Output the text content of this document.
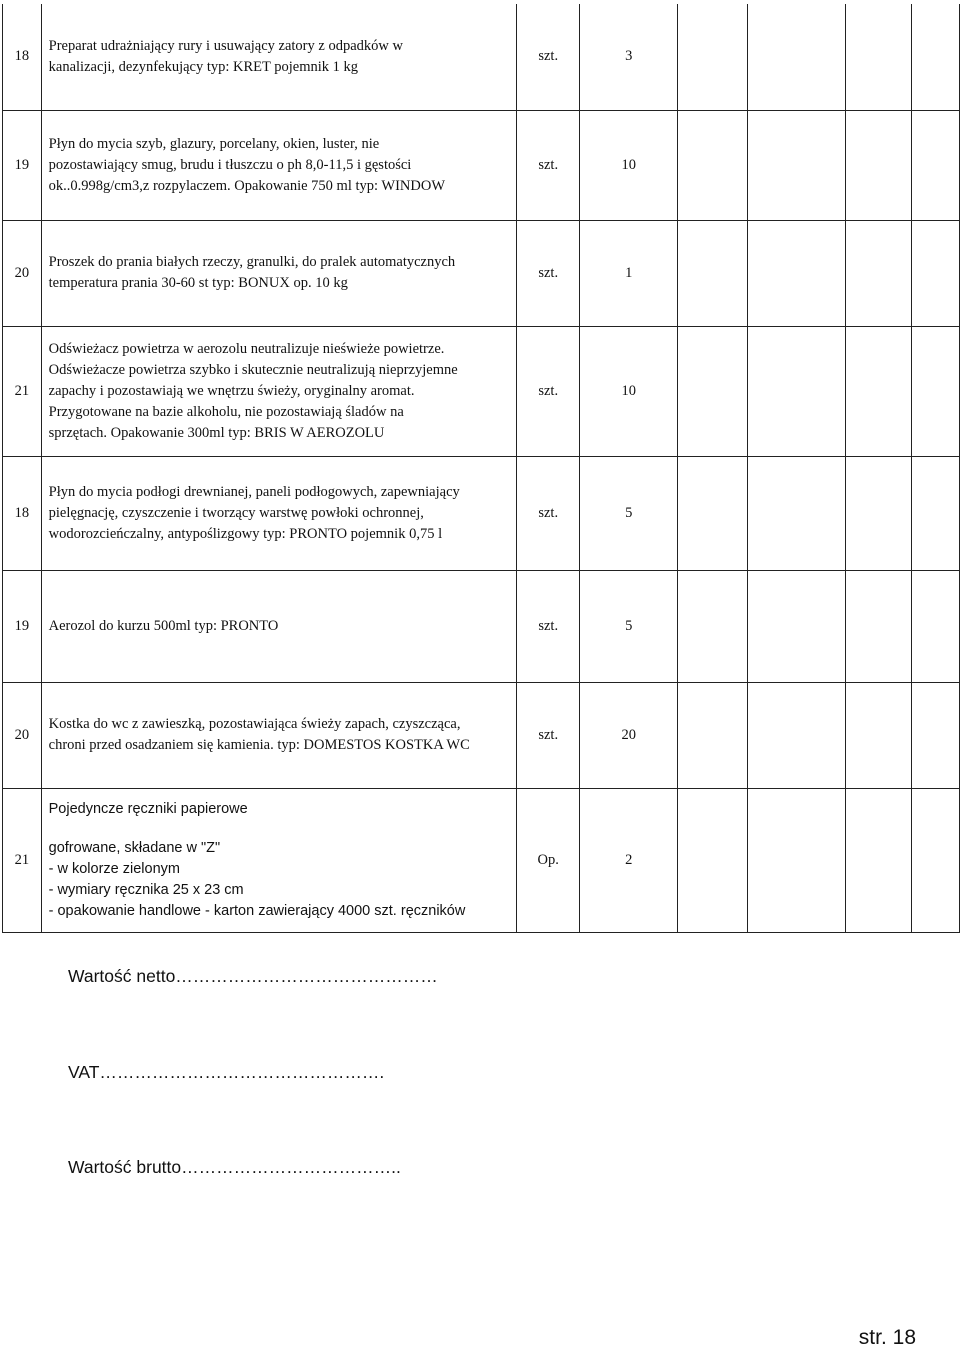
18	Preparat udrażniający rury i usuwający zatory z odpadków w
kanalizacji, dezynfekujący typ: KRET pojemnik 1 kg	szt.	3				
19	Płyn do mycia szyb, glazury, porcelany, okien, luster, nie
pozostawiający smug, brudu i tłuszczu o ph 8,0-11,5 i gęstości
ok..0.998g/cm3,z rozpylaczem. Opakowanie 750 ml typ: WINDOW	szt.	10				
20	Proszek do prania białych rzeczy, granulki, do pralek automatycznych
temperatura prania 30-60 st typ: BONUX op. 10 kg	szt.	1				
21	Odświeżacz powietrza w aerozolu neutralizuje nieświeże powietrze.
Odświeżacze powietrza szybko i skutecznie neutralizują nieprzyjemne
zapachy i pozostawiają we wnętrzu świeży, oryginalny aromat.
Przygotowane na bazie alkoholu, nie pozostawiają śladów na
sprzętach. Opakowanie 300ml typ: BRIS W AEROZOLU	szt.	10				
18	Płyn do mycia podłogi drewnianej, paneli podłogowych, zapewniający
pielęgnację, czyszczenie i tworzący warstwę powłoki ochronnej,
wodorozcieńczalny, antypoślizgowy typ: PRONTO pojemnik 0,75 l	szt.	5				
19	Aerozol do kurzu 500ml typ: PRONTO	szt.	5				
20	Kostka do wc z zawieszką, pozostawiająca świeży zapach, czyszcząca,
chroni przed osadzaniem się kamienia. typ: DOMESTOS KOSTKA WC	szt.	20				
21	Pojedyncze ręczniki papierowe
gofrowane, składane w "Z"
- w kolorze zielonym
- wymiary ręcznika 25 x 23 cm
- opakowanie handlowe - karton zawierający 4000 szt. ręczników	Op.	2				
Wartość netto………………………………………
VAT………………………………………….
Wartość brutto………………………………..
str. 18
